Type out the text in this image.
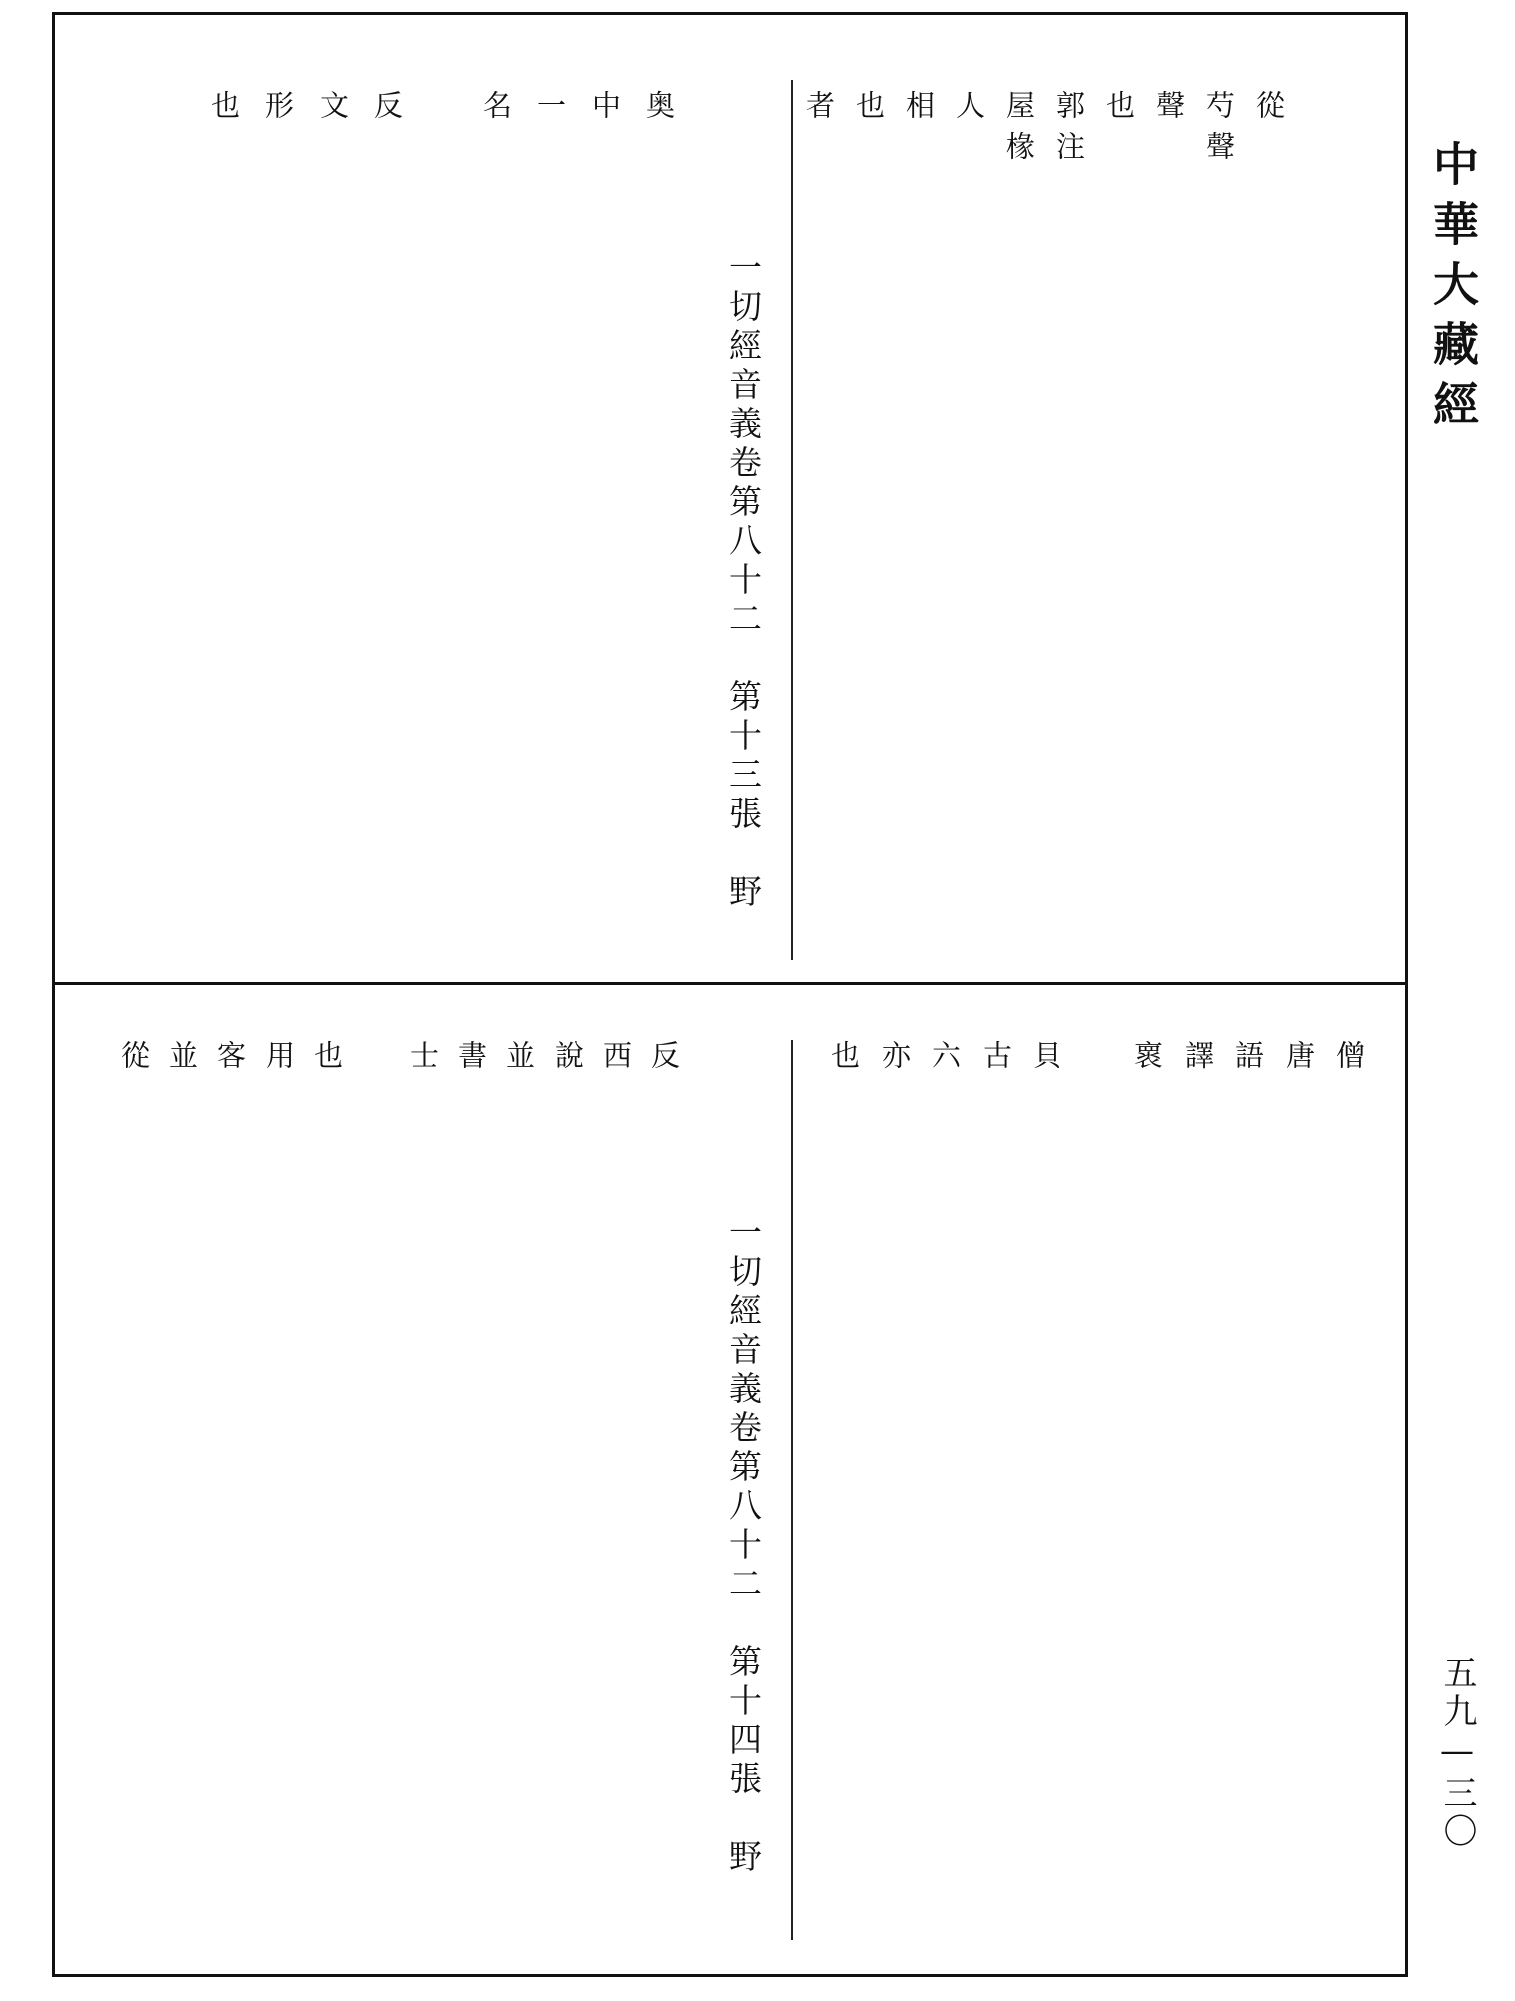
從
芍聲
聲
也
郭注
屋椽
人
相
也
者
奥
中
一
名
反
文
形
也
僧
唐
語
譯
褱
貝
古
六
亦
也
反
西
說
並
書
士
也
用
客
並
從
一切經音義卷第八十二　第十三張　野
一切經音義卷第八十二　第十四張　野
中華大藏經
五九—三〇
